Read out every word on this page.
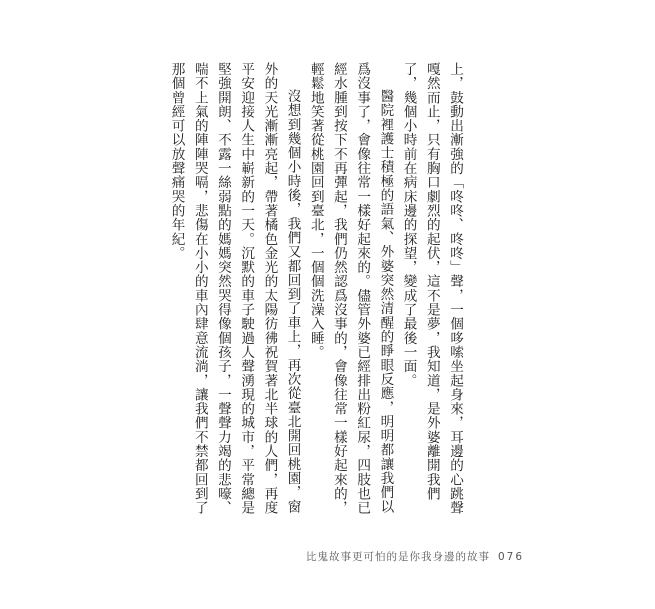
上，鼓動出漸強的「咚咚、咚咚」聲，一個哆嗦坐起身來，耳邊的心跳聲嘎然而止，只有胸口劇烈的起伏，這不是夢，我知道，是外婆離開我們了，幾個小時前在病床邊的探望，變成了最後一面。

醫院裡護士積極的語氣、外婆突然清醒的睜眼反應，明明都讓我們以爲沒事了，會像往常一樣好起來的。儘管外婆已經排出粉紅尿，四肢也已經水腫到按下不再彈起，我們仍然認爲沒事的，會像往常一樣好起來的，輕鬆地笑著從桃園回到臺北，一個個洗澡入睡。

沒想到幾個小時後，我們又都回到了車上，再次從臺北開回桃園，窗外的天光漸漸亮起，帶著橘色金光的太陽彷彿祝賀著北半球的人們，再度平安迎接人生中嶄新的一天。沉默的車子駛過人聲湧現的城市，平常總是堅強開朗、不露一絲弱點的媽媽突然哭得像個孩子，一聲聲力竭的悲嚎、喘不上氣的陣陣哭嗝，悲傷在小小的車內肆意流淌，讓我們不禁都回到了那個曾經可以放聲痛哭的年紀。

比鬼故事更可怕的是你我身邊的故事 076
